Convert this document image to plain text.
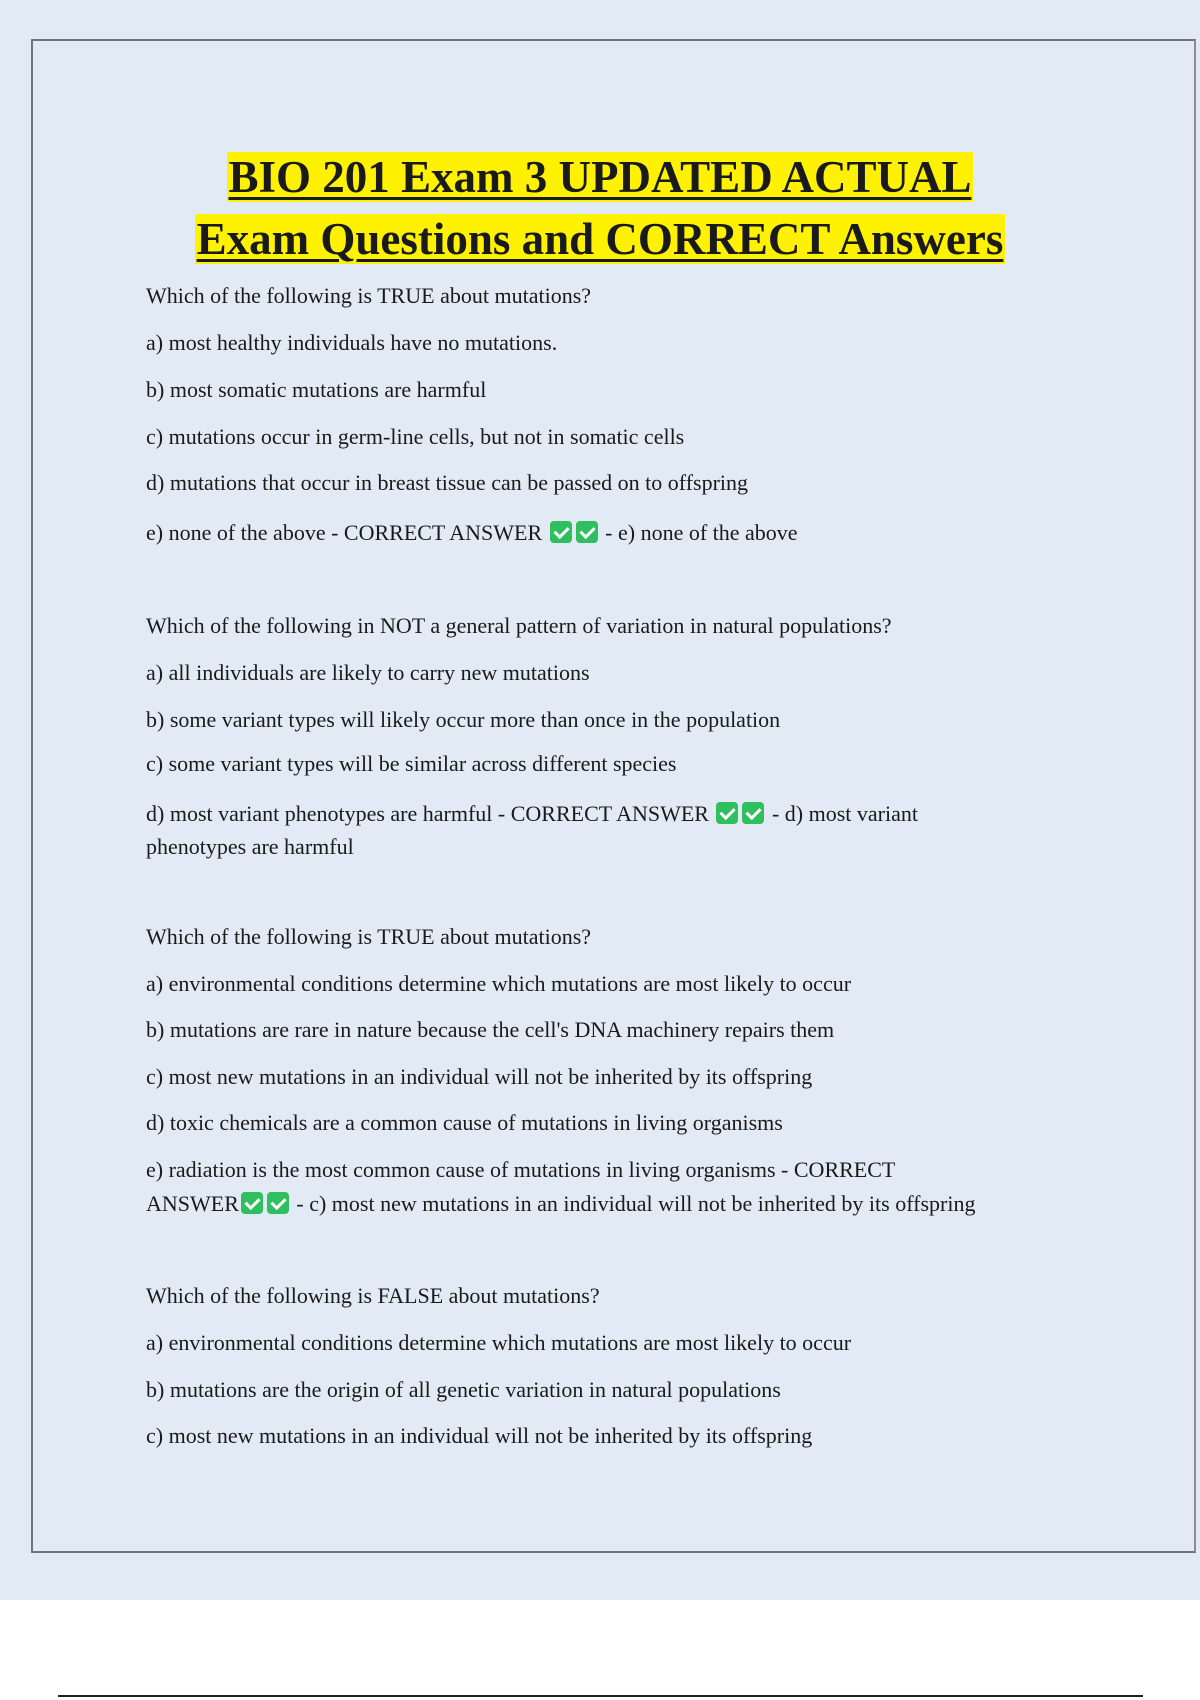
BIO 201 Exam 3 UPDATED ACTUAL
Exam Questions and CORRECT Answers
Which of the following is TRUE about mutations?
a) most healthy individuals have no mutations.
b) most somatic mutations are harmful
c) mutations occur in germ-line cells, but not in somatic cells
d) mutations that occur in breast tissue can be passed on to offspring
e) none of the above - CORRECT ANSWER	- e) none of the above
Which of the following in NOT a general pattern of variation in natural populations?
a) all individuals are likely to carry new mutations
b) some variant types will likely occur more than once in the population
c) some variant types will be similar across different species
d) most variant phenotypes are harmful - CORRECT ANSWER	- d) most variant
phenotypes are harmful
Which of the following is TRUE about mutations?
a) environmental conditions determine which mutations are most likely to occur
b) mutations are rare in nature because the cell's DNA machinery repairs them
c) most new mutations in an individual will not be inherited by its offspring
d) toxic chemicals are a common cause of mutations in living organisms
e) radiation is the most common cause of mutations in living organisms - CORRECT
ANSWER	- c) most new mutations in an individual will not be inherited by its offspring
Which of the following is FALSE about mutations?
a) environmental conditions determine which mutations are most likely to occur
b) mutations are the origin of all genetic variation in natural populations
c) most new mutations in an individual will not be inherited by its offspring
